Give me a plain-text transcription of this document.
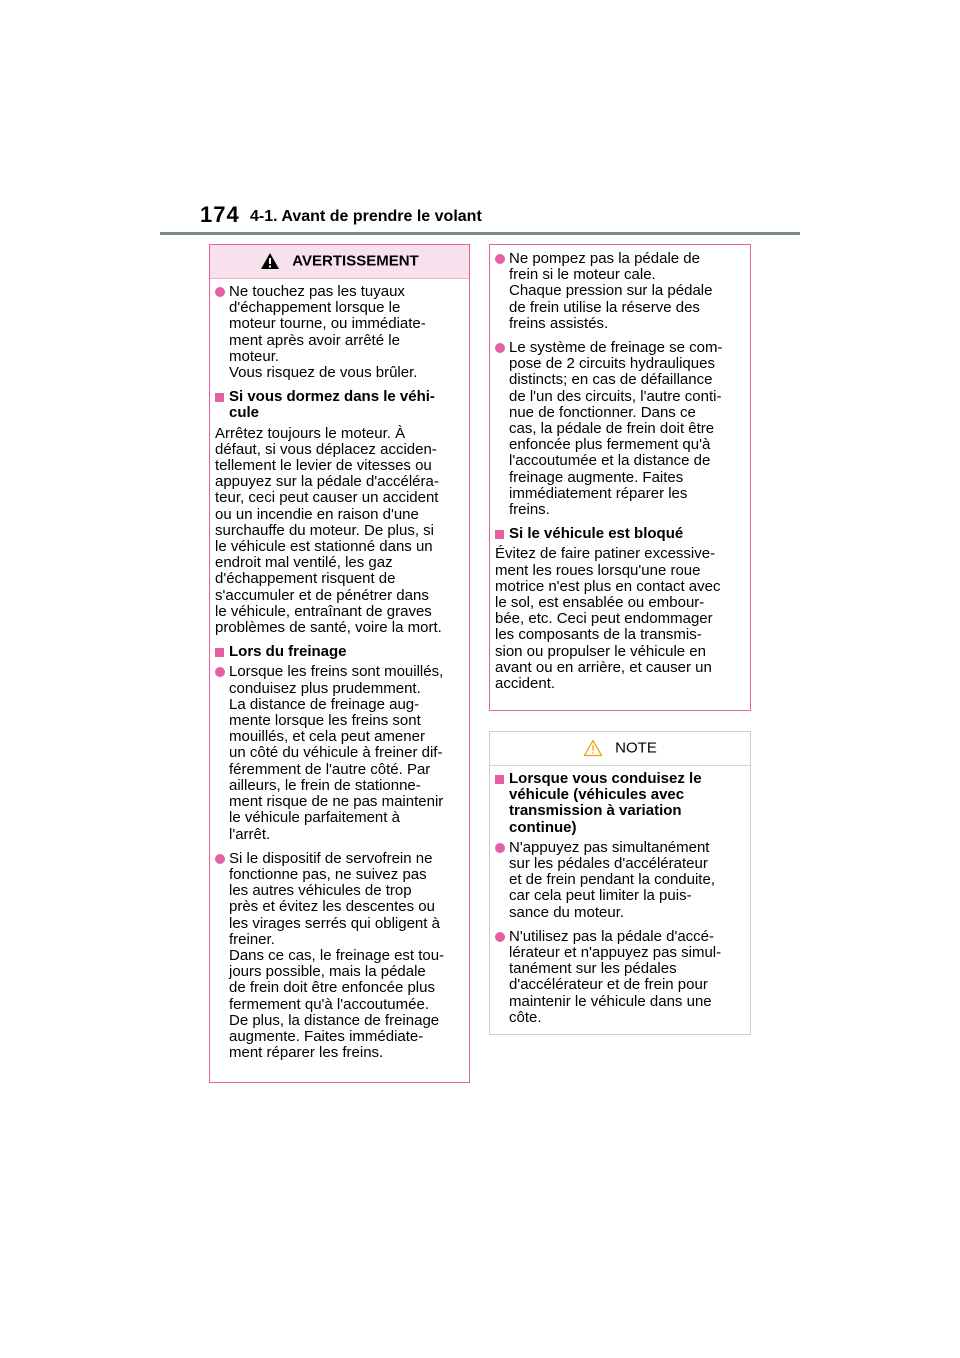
174 4-1. Avant de prendre le volant
AVERTISSEMENT
Ne touchez pas les tuyaux
d'échappement lorsque le
moteur tourne, ou immédiate-
ment après avoir arrêté le
moteur.
Vous risquez de vous brûler.
Si vous dormez dans le véhi-
cule
Arrêtez toujours le moteur. À
défaut, si vous déplacez acciden-
tellement le levier de vitesses ou
appuyez sur la pédale d'accéléra-
teur, ceci peut causer un accident
ou un incendie en raison d'une
surchauffe du moteur. De plus, si
le véhicule est stationné dans un
endroit mal ventilé, les gaz
d'échappement risquent de
s'accumuler et de pénétrer dans
le véhicule, entraînant de graves
problèmes de santé, voire la mort.
Lors du freinage
Lorsque les freins sont mouillés,
conduisez plus prudemment.
La distance de freinage aug-
mente lorsque les freins sont
mouillés, et cela peut amener
un côté du véhicule à freiner dif-
féremment de l'autre côté. Par
ailleurs, le frein de stationne-
ment risque de ne pas maintenir
le véhicule parfaitement à
l'arrêt.
Si le dispositif de servofrein ne
fonctionne pas, ne suivez pas
les autres véhicules de trop
près et évitez les descentes ou
les virages serrés qui obligent à
freiner.
Dans ce cas, le freinage est tou-
jours possible, mais la pédale
de frein doit être enfoncée plus
fermement qu'à l'accoutumée.
De plus, la distance de freinage
augmente. Faites immédiate-
ment réparer les freins.
Ne pompez pas la pédale de
frein si le moteur cale.
Chaque pression sur la pédale
de frein utilise la réserve des
freins assistés.
Le système de freinage se com-
pose de 2 circuits hydrauliques
distincts; en cas de défaillance
de l'un des circuits, l'autre conti-
nue de fonctionner. Dans ce
cas, la pédale de frein doit être
enfoncée plus fermement qu'à
l'accoutumée et la distance de
freinage augmente. Faites
immédiatement réparer les
freins.
Si le véhicule est bloqué
Évitez de faire patiner excessive-
ment les roues lorsqu'une roue
motrice n'est plus en contact avec
le sol, est ensablée ou embour-
bée, etc. Ceci peut endommager
les composants de la transmis-
sion ou propulser le véhicule en
avant ou en arrière, et causer un
accident.
NOTE
Lorsque vous conduisez le
véhicule (véhicules avec
transmission à variation
continue)
N'appuyez pas simultanément
sur les pédales d'accélérateur
et de frein pendant la conduite,
car cela peut limiter la puis-
sance du moteur.
N'utilisez pas la pédale d'accé-
lérateur et n'appuyez pas simul-
tanément sur les pédales
d'accélérateur et de frein pour
maintenir le véhicule dans une
côte.
